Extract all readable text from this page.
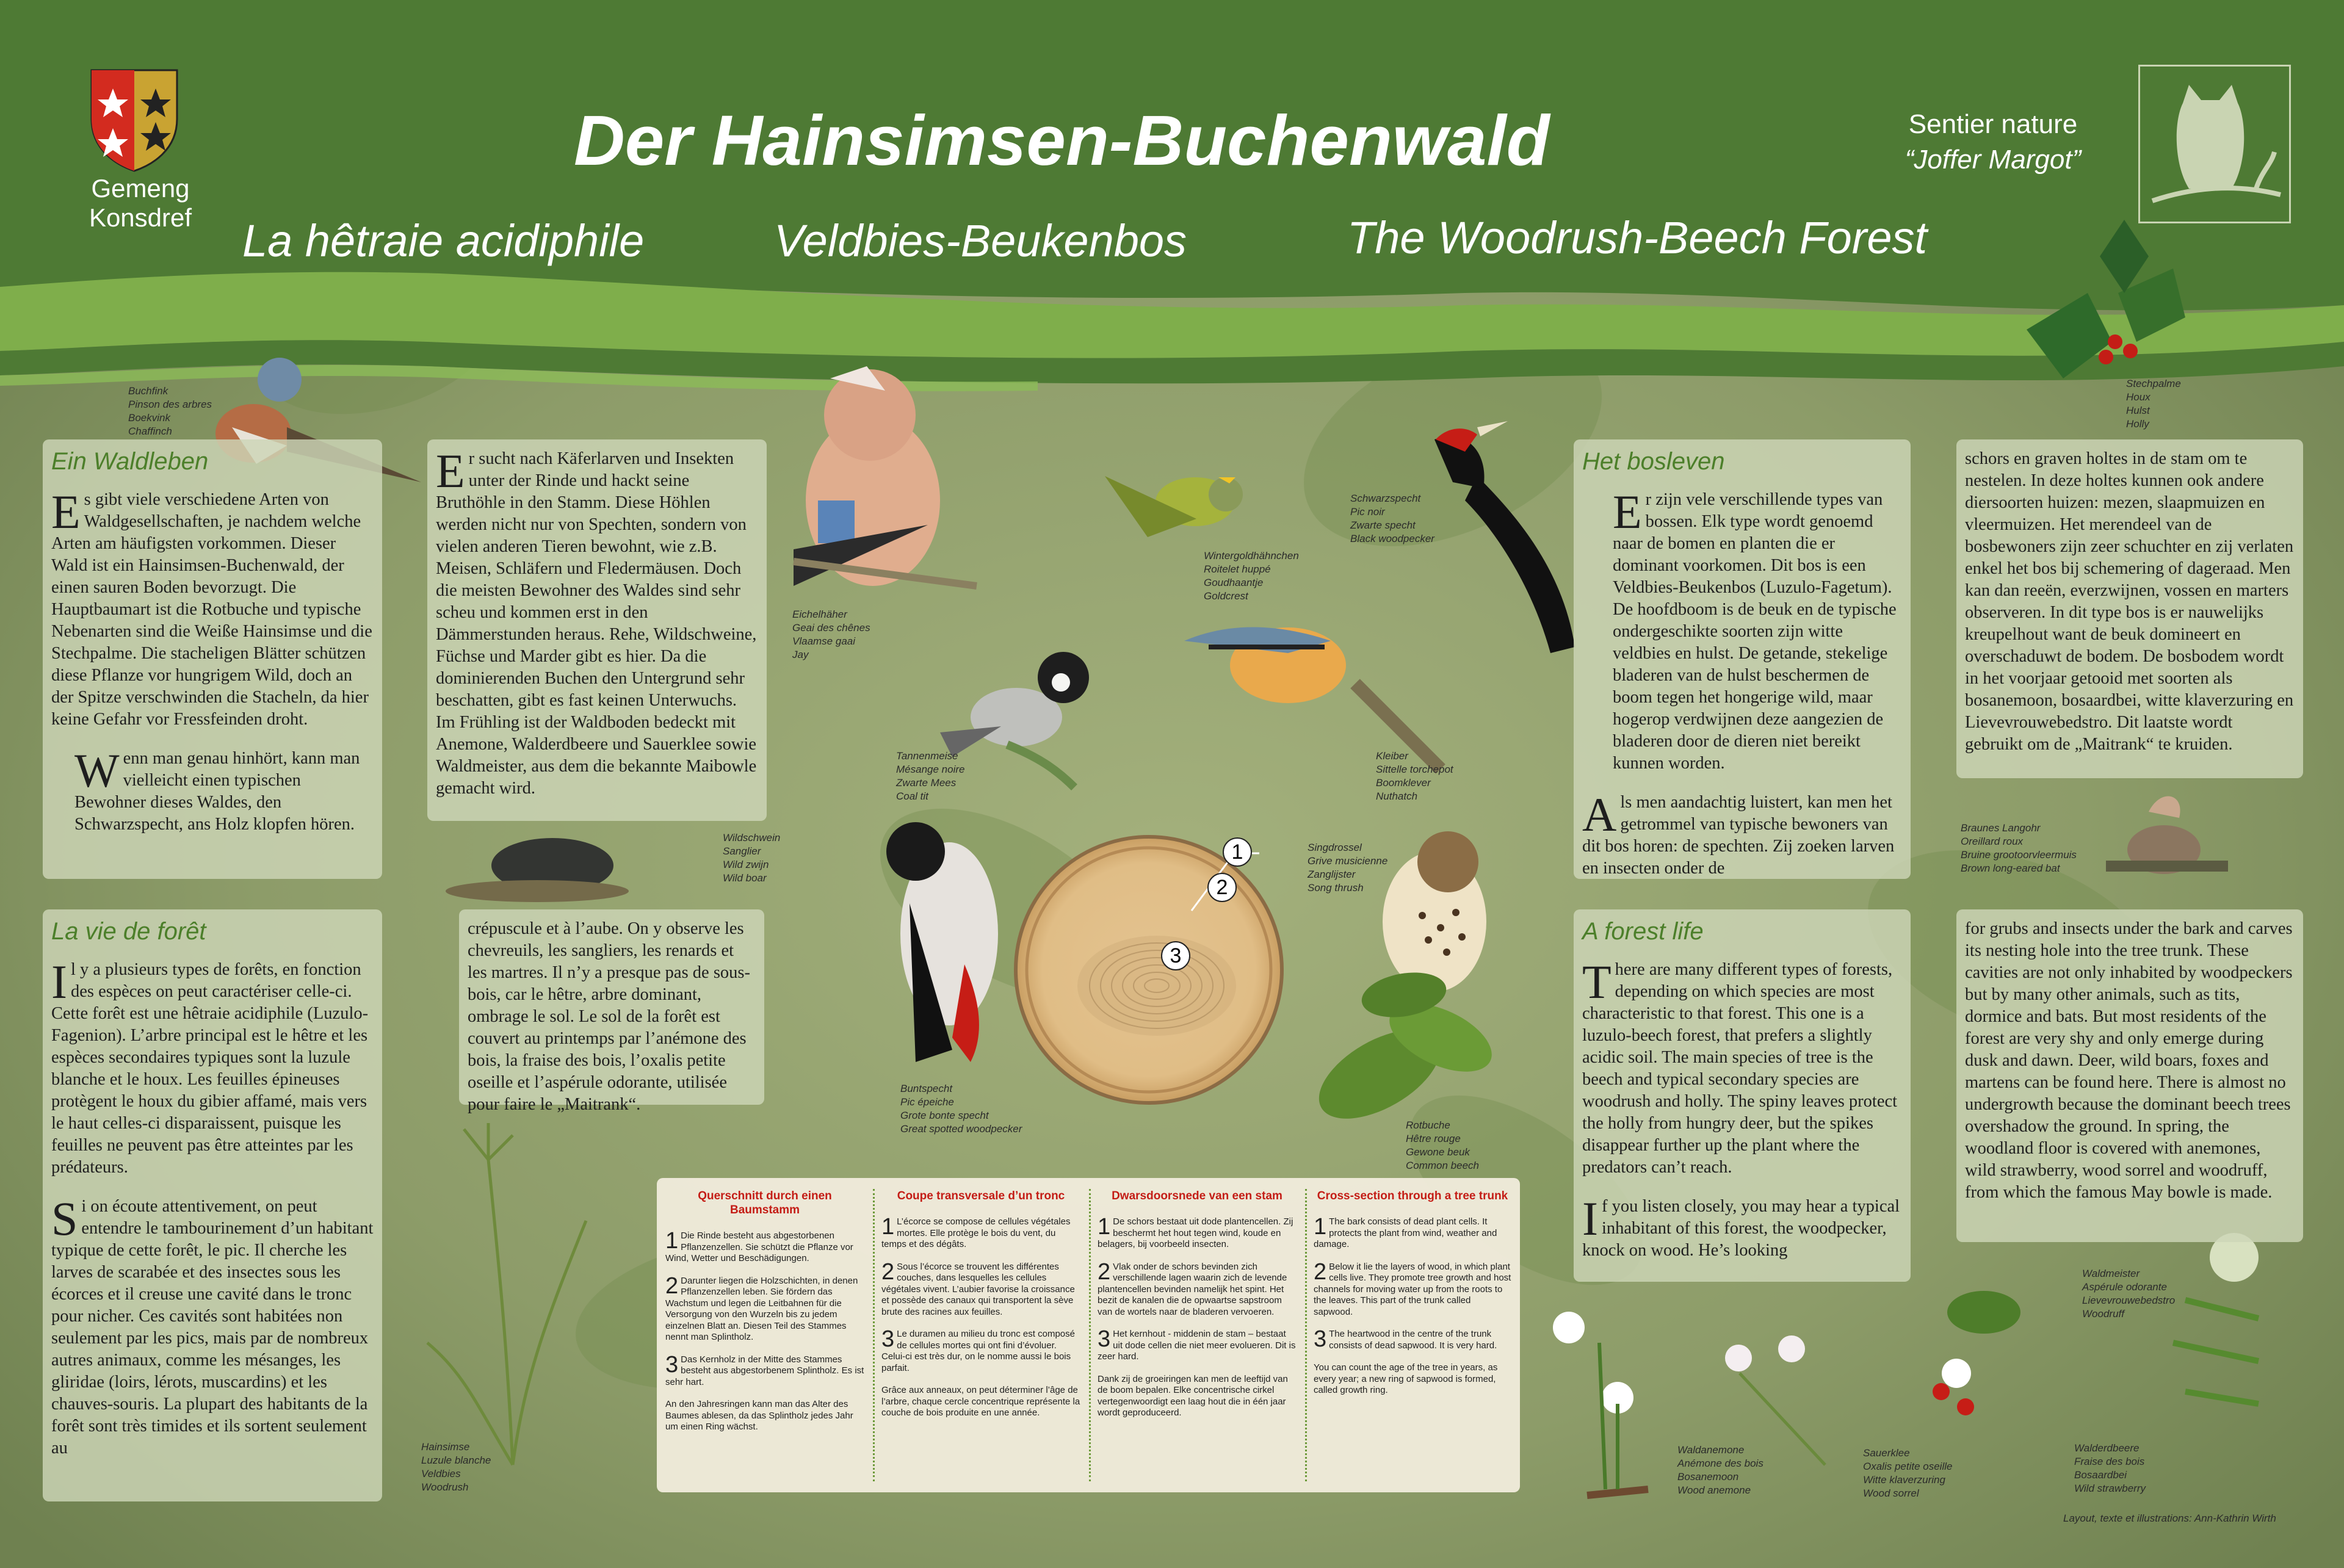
Gemeng Konsdref
Der Hainsimsen-Buchenwald
La hêtraie acidiphile	Veldbies-Beukenbos	The Woodrush-Beech Forest
Sentier nature
“Joffer Margot”
Ein Waldleben

Es gibt viele verschiedene Arten von Waldgesellschaften, je nachdem welche Arten am häufigsten vorkommen. Dieser Wald ist ein Hainsimsen-Buchenwald, der einen sauren Boden bevorzugt. Die Hauptbaumart ist die Rotbuche und typische Nebenarten sind die Weiße Hainsimse und die Stechpalme. Die stacheligen Blätter schützen diese Pflanze vor hungrigem Wild, doch an der Spitze verschwinden die Stacheln, da hier keine Gefahr vor Fressfeinden droht.

Wenn man genau hinhört, kann man vielleicht einen typischen Bewohner dieses Waldes, den Schwarzspecht, ans Holz klopfen hören.

Er sucht nach Käferlarven und Insekten unter der Rinde und hackt seine Bruthöhle in den Stamm. Diese Höhlen werden nicht nur von Spechten, sondern von vielen anderen Tieren bewohnt, wie z.B. Meisen, Schläfern und Fledermäusen. Doch die meisten Bewohner des Waldes sind sehr scheu und kommen erst in den Dämmerstunden heraus. Rehe, Wildschweine, Füchse und Marder gibt es hier. Da die dominierenden Buchen den Untergrund sehr beschatten, gibt es fast keinen Unterwuchs. Im Frühling ist der Waldboden bedeckt mit Anemone, Walderdbeere und Sauerklee sowie Waldmeister, aus dem die bekannte Maibowle gemacht wird.

La vie de forêt

Il y a plusieurs types de forêts, en fonction des espèces on peut caractériser celle-ci. Cette forêt est une hêtraie acidiphile (Luzulo-Fagenion). L’arbre principal est le hêtre et les espèces secondaires typiques sont la luzule blanche et le houx. Les feuilles épineuses protègent le houx du gibier affamé, mais vers le haut celles-ci disparaissent, puisque les feuilles ne peuvent pas être atteintes par les prédateurs.

Si on écoute attentivement, on peut entendre le tambourinement d’un habitant typique de cette forêt, le pic. Il cherche les larves de scarabée et des insectes sous les écorces et il creuse une cavité dans le tronc pour nicher. Ces cavités sont habitées non seulement par les pics, mais par de nombreux autres animaux, comme les mésanges, les gliridae (loirs, lérots, muscardins) et les chauves-souris. La plupart des habitants de la forêt sont très timides et ils sortent seulement au

crépuscule et à l’aube. On y observe les chevreuils, les sangliers, les renards et les martres. Il n’y a presque pas de sous-bois, car le hêtre, arbre dominant, ombrage le sol. Le sol de la forêt est couvert au printemps par l’anémone des bois, la fraise des bois, l’oxalis petite oseille et l’aspérule odorante, utilisée pour faire le „Maitrank“.

Het bosleven

Er zijn vele verschillende types van bossen. Elk type wordt genoemd naar de bomen en planten die er dominant voorkomen. Dit bos is een Veldbies-Beukenbos (Luzulo-Fagetum). De hoofdboom is de beuk en de typische ondergeschikte soorten zijn witte veldbies en hulst. De getande, stekelige bladeren van de hulst beschermen de boom tegen het hongerige wild, maar hogerop verdwijnen deze aangezien de bladeren door de dieren niet bereikt kunnen worden.

Als men aandachtig luistert, kan men het getrommel van typische bewoners van dit bos horen: de spechten. Zij zoeken larven en insecten onder de

schors en graven holtes in de stam om te nestelen. In deze holtes kunnen ook andere diersoorten huizen: mezen, slaapmuizen en vleermuizen. Het merendeel van de bosbewoners zijn zeer schuchter en zij verlaten enkel het bos bij schemering of dageraad. Men kan dan reeën, everzwijnen, vossen en marters observeren. In dit type bos is er nauwelijks kreupelhout want de beuk domineert en overschaduwt de bodem. De bosbodem wordt in het voorjaar getooid met soorten als bosanemoon, bosaardbei, witte klaverzuring en Lievevrouwebedstro. Dit laatste wordt gebruikt om de „Maitrank“ te kruiden.

A forest life

There are many different types of forests, depending on which species are most characteristic to that forest. This one is a luzulo-beech forest, that prefers a slightly acidic soil. The main species of tree is the beech and typical secondary species are woodrush and holly. The spiny leaves protect the holly from hungry deer, but the spikes disappear further up the plant where the predators can’t reach.

If you listen closely, you may hear a typical inhabitant of this forest, the woodpecker, knock on wood. He’s looking

for grubs and insects under the bark and carves its nesting hole into the tree trunk. These cavities are not only inhabited by woodpeckers but by many other animals, such as tits, dormice and bats. But most residents of the forest are very shy and only emerge during dusk and dawn. Deer, wild boars, foxes and martens can be found here. There is almost no undergrowth because the dominant beech trees overshadow the ground. In spring, the woodland floor is covered with anemones, wild strawberry, wood sorrel and woodruff, from which the famous May bowle is made.

Querschnitt durch einen Baumstamm
1 Die Rinde besteht aus abgestorbenen Pflanzenzellen. Sie schützt die Pflanze vor Wind, Wetter und Beschädigungen.
2 Darunter liegen die Holzschichten, in denen Pflanzenzellen leben. Sie fördern das Wachstum und legen die Leitbahnen für die Versorgung von den Wurzeln bis zu jedem einzelnen Blatt an. Diesen Teil des Stammes nennt man Splintholz.
3 Das Kernholz in der Mitte des Stammes besteht aus abgestorbenem Splintholz. Es ist sehr hart.
An den Jahresringen kann man das Alter des Baumes ablesen, da das Splintholz jedes Jahr um einen Ring wächst.
Coupe transversale d’un tronc
1 L’écorce se compose de cellules végétales mortes. Elle protège le bois du vent, du temps et des dégâts.
2 Sous l’écorce se trouvent les différentes couches, dans lesquelles les cellules végétales vivent. L’aubier favorise la croissance et possède des canaux qui transportent la sève brute des racines aux feuilles.
3 Le duramen au milieu du tronc est composé de cellules mortes qui ont fini d’évoluer. Celui-ci est très dur, on le nomme aussi le bois parfait.
Grâce aux anneaux, on peut déterminer l’âge de l’arbre, chaque cercle concentrique représente la couche de bois produite en une année.
Dwarsdoorsnede van een stam
1 De schors bestaat uit dode plantencellen. Zij beschermt het hout tegen wind, koude en belagers, bij voorbeeld insecten.
2 Vlak onder de schors bevinden zich verschillende lagen waarin zich de levende plantencellen bevinden namelijk het spint. Het bezit de kanalen die de opwaartse sapstroom van de wortels naar de bladeren vervoeren.
3 Het kernhout - middenin de stam – bestaat uit dode cellen die niet meer evolueren. Dit is zeer hard.
Dank zij de groeiringen kan men de leeftijd van de boom bepalen. Elke concentrische cirkel vertegenwoordigt een laag hout die in één jaar wordt geproduceerd.
Cross-section through a tree trunk
1 The bark consists of dead plant cells. It protects the plant from wind, weather and damage.
2 Below it lie the layers of wood, in which plant cells live. They promote tree growth and host channels for moving water up from the roots to the leaves. This part of the trunk called sapwood.
3 The heartwood in the centre of the trunk consists of dead sapwood. It is very hard.
You can count the age of the tree in years, as every year; a new ring of sapwood is formed, called growth ring.
1
2
3
Buchfink
Pinson des arbres
Boekvink
Chaffinch
Eichelhäher
Geai des chênes
Vlaamse gaai
Jay
Wintergoldhähnchen
Roitelet huppé
Goudhaantje
Goldcrest
Schwarzspecht
Pic noir
Zwarte specht
Black woodpecker
Stechpalme
Houx
Hulst
Holly
Tannenmeise
Mésange noire
Zwarte Mees
Coal tit
Kleiber
Sittelle torchepot
Boomklever
Nuthatch
Wildschwein
Sanglier
Wild zwijn
Wild boar
Singdrossel
Grive musicienne
Zanglijster
Song thrush
Braunes Langohr
Oreillard roux
Bruine grootoorvleermuis
Brown long-eared bat
Buntspecht
Pic épeiche
Grote bonte specht
Great spotted woodpecker	Rotbuche
Hêtre rouge
Gewone beuk
Common beech
Hainsimse
Luzule blanche
Veldbies
Woodrush
Waldanemone
Anémone des bois
Bosanemoon
Wood anemone
Sauerklee
Oxalis petite oseille
Witte klaverzuring
Wood sorrel
Waldmeister
Aspérule odorante
Lievevrouwebedstro
Woodruff
Walderdbeere
Fraise des bois
Bosaardbei
Wild strawberry
Layout, texte et illustrations: Ann-Kathrin Wirth
